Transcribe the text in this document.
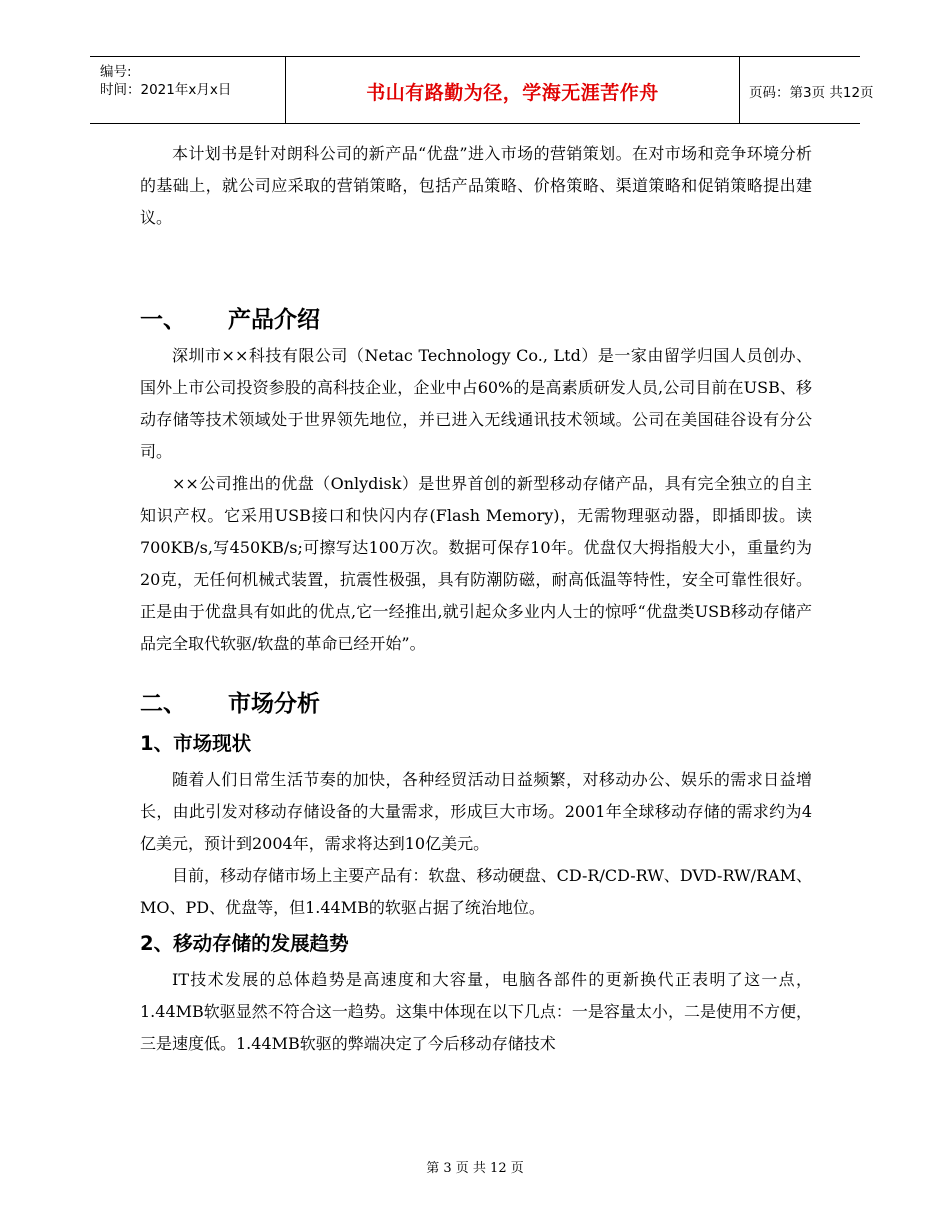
编号:
时间：2021年x月x日	书山有路勤为径，学海无涯苦作舟	页码：第3页 共12页

本计划书是针对朗科公司的新产品“优盘”进入市场的营销策划。在对市场和竞争环境分析的基础上，就公司应采取的营销策略，包括产品策略、价格策略、渠道策略和促销策略提出建议。

一、 产品介绍

深圳市××科技有限公司（Netac Technology Co., Ltd）是一家由留学归国人员创办、国外上市公司投资参股的高科技企业，企业中占60%的是高素质研发人员,公司目前在USB、移动存储等技术领域处于世界领先地位，并已进入无线通讯技术领域。公司在美国硅谷设有分公司。

××公司推出的优盘（Onlydisk）是世界首创的新型移动存储产品，具有完全独立的自主知识产权。它采用USB接口和快闪内存(Flash Memory)，无需物理驱动器，即插即拔。读700KB/s,写450KB/s;可擦写达100万次。数据可保存10年。优盘仅大拇指般大小，重量约为20克，无任何机械式装置，抗震性极强，具有防潮防磁，耐高低温等特性，安全可靠性很好。正是由于优盘具有如此的优点,它一经推出,就引起众多业内人士的惊呼“优盘类USB移动存储产品完全取代软驱/软盘的革命已经开始”。

二、 市场分析
1、市场现状

随着人们日常生活节奏的加快，各种经贸活动日益频繁，对移动办公、娱乐的需求日益增长，由此引发对移动存储设备的大量需求，形成巨大市场。2001年全球移动存储的需求约为4亿美元，预计到2004年，需求将达到10亿美元。

目前，移动存储市场上主要产品有：软盘、移动硬盘、CD-R/CD-RW、DVD-RW/RAM、MO、PD、优盘等，但1.44MB的软驱占据了统治地位。

2、移动存储的发展趋势

IT技术发展的总体趋势是高速度和大容量，电脑各部件的更新换代正表明了这一点，1.44MB软驱显然不符合这一趋势。这集中体现在以下几点：一是容量太小，二是使用不方便，三是速度低。1.44MB软驱的弊端决定了今后移动存储技术

第 3 页 共 12 页
